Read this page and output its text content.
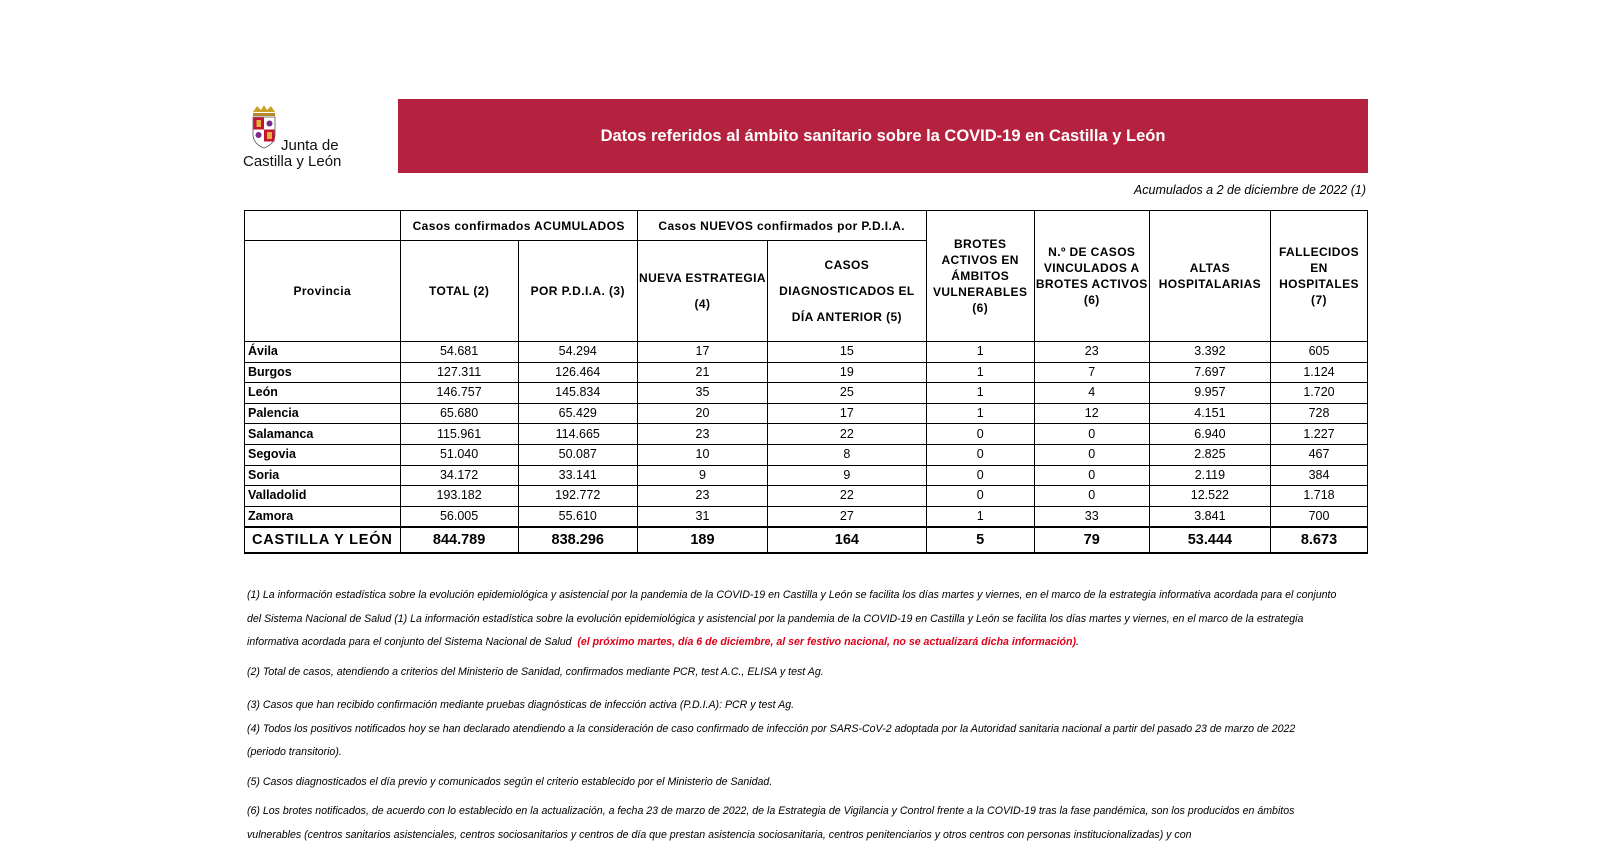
Junta de
Castilla y León
Datos referidos al ámbito sanitario sobre la COVID-19 en Castilla y León
Acumulados a 2 de diciembre de 2022 (1)
	Casos confirmados ACUMULADOS		Casos NUEVOS confirmados por P.D.I.A.		BROTES ACTIVOS EN ÁMBITOS VULNERABLES (6)	N.º DE CASOS VINCULADOS A BROTES ACTIVOS (6)	ALTAS HOSPITALARIAS	FALLECIDOS EN HOSPITALES (7)
Provincia	TOTAL (2)	POR P.D.I.A. (3)	NUEVA ESTRATEGIA (4)	CASOS DIAGNOSTICADOS EL DÍA ANTERIOR (5)				
Ávila	54.681	54.294	17	15	1	23	3.392	605
Burgos	127.311	126.464	21	19	1	7	7.697	1.124
León	146.757	145.834	35	25	1	4	9.957	1.720
Palencia	65.680	65.429	20	17	1	12	4.151	728
Salamanca	115.961	114.665	23	22	0	0	6.940	1.227
Segovia	51.040	50.087	10	8	0	0	2.825	467
Soria	34.172	33.141	9	9	0	0	2.119	384
Valladolid	193.182	192.772	23	22	0	0	12.522	1.718
Zamora	56.005	55.610	31	27	1	33	3.841	700
CASTILLA Y LEÓN	844.789	838.296	189	164	5	79	53.444	8.673

(1) La información estadística sobre la evolución epidemiológica y asistencial por la pandemia de la COVID-19 en Castilla y León se facilita los días martes y viernes, en el marco de la estrategia informativa acordada para el conjunto del Sistema Nacional de Salud (1) La información estadística sobre la evolución epidemiológica y asistencial por la pandemia de la COVID-19 en Castilla y León se facilita los días martes y viernes, en el marco de la estrategia informativa acordada para el conjunto del Sistema Nacional de Salud (el próximo martes, día 6 de diciembre, al ser festivo nacional, no se actualizará dicha información).

(2) Total de casos, atendiendo a criterios del Ministerio de Sanidad, confirmados mediante PCR, test A.C., ELISA y test Ag.

(3) Casos que han recibido confirmación mediante pruebas diagnósticas de infección activa (P.D.I.A): PCR y test Ag.

(4) Todos los positivos notificados hoy se han declarado atendiendo a la consideración de caso confirmado de infección por SARS-CoV-2 adoptada por la Autoridad sanitaria nacional a partir del pasado 23 de marzo de 2022 (periodo transitorio).

(5) Casos diagnosticados el día previo y comunicados según el criterio establecido por el Ministerio de Sanidad.

(6) Los brotes notificados, de acuerdo con lo establecido en la actualización, a fecha 23 de marzo de 2022, de la Estrategia de Vigilancia y Control frente a la COVID-19 tras la fase pandémica, son los producidos en ámbitos vulnerables (centros sanitarios asistenciales, centros sociosanitarios y centros de día que prestan asistencia sociosanitaria, centros penitenciarios y otros centros con personas institucionalizadas) y con
